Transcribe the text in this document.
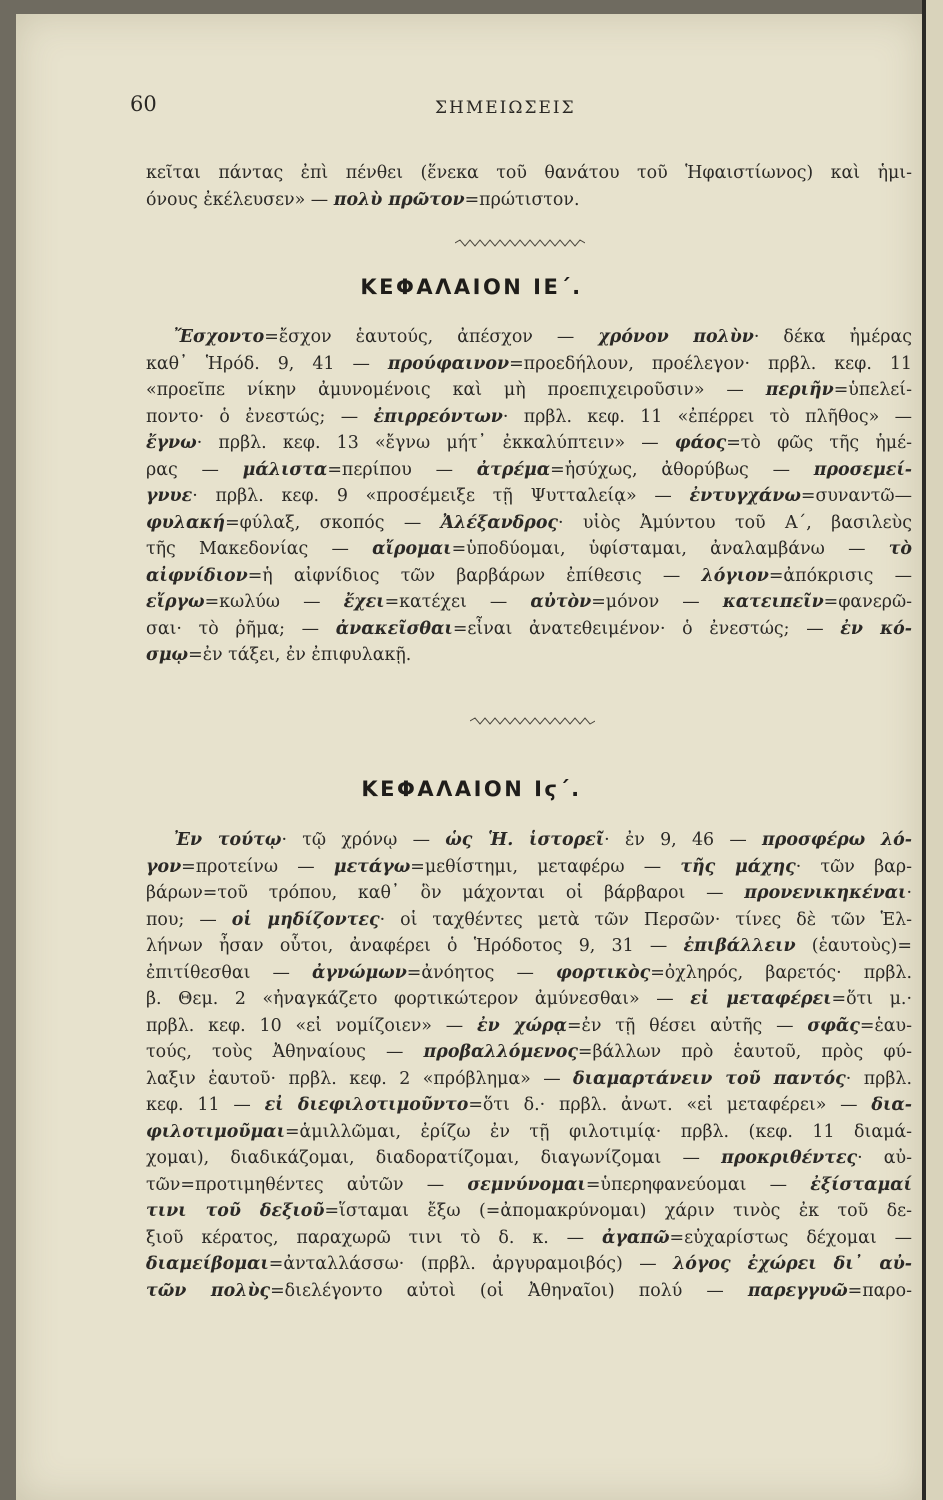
60	ΣΗΜΕΙΩΣΕΙΣ
κεῖται πάντας ἐπὶ πένθει (ἕνεκα τοῦ θανάτου τοῦ Ἡφαιστίωνος) καὶ ἡμι-
όνους ἐκέλευσεν» — πολὺ πρῶτον=πρώτιστον.
ΚΕΦΑΛΑΙΟΝ ΙΕ΄.
Ἔσχοντο=ἔσχον ἑαυτούς, ἀπέσχον — χρόνον πολὺν· δέκα ἡμέρας
καθ᾿ Ἡρόδ. 9, 41 — προύφαινον=προεδήλουν, προέλεγον· πρβλ. κεφ. 11
«προεῖπε νίκην ἀμυνομένοις καὶ μὴ προεπιχειροῦσιν» — περιῆν=ὑπελεί-
ποντο· ὁ ἐνεστώς; — ἐπιρρεόντων· πρβλ. κεφ. 11 «ἐπέρρει τὸ πλῆθος» —
ἔγνω· πρβλ. κεφ. 13 «ἔγνω μήτ᾿ ἐκκαλύπτειν» — φάος=τὸ φῶς τῆς ἡμέ-
ρας — μάλιστα=περίπου — ἀτρέμα=ἡσύχως, ἀθορύβως — προσεμεί-
γνυε· πρβλ. κεφ. 9 «προσέμειξε τῇ Ψυτταλείᾳ» — ἐντυγχάνω=συναντῶ—
φυλακή=φύλαξ, σκοπός — Ἀλέξανδρος· υἱὸς Ἀμύντου τοῦ Α΄, βασιλεὺς
τῆς Μακεδονίας — αἴρομαι=ὑποδύομαι, ὑφίσταμαι, ἀναλαμβάνω — τὸ
αἰφνίδιον=ἡ αἰφνίδιος τῶν βαρβάρων ἐπίθεσις — λόγιον=ἀπόκρισις —
εἴργω=κωλύω — ἔχει=κατέχει — αὐτὸν=μόνον — κατειπεῖν=φανερῶ-
σαι· τὸ ῥῆμα; — ἀνακεῖσθαι=εἶναι ἀνατεθειμένον· ὁ ἐνεστώς; — ἐν κό-
σμῳ=ἐν τάξει, ἐν ἐπιφυλακῇ.
ΚΕΦΑΛΑΙΟΝ Ιϛ΄.
Ἐν τούτῳ· τῷ χρόνῳ — ὡς Ἡ. ἱστορεῖ· ἐν 9, 46 — προσφέρω λό-
γον=προτείνω — μετάγω=μεθίστημι, μεταφέρω — τῆς μάχης· τῶν βαρ-
βάρων=τοῦ τρόπου, καθ᾿ ὃν μάχονται οἱ βάρβαροι — προνενικηκέναι·
που; — οἱ μηδίζοντες· οἱ ταχθέντες μετὰ τῶν Περσῶν· τίνες δὲ τῶν Ἑλ-
λήνων ἦσαν οὗτοι, ἀναφέρει ὁ Ἡρόδοτος 9, 31 — ἐπιβάλλειν (ἑαυτοὺς)=
ἐπιτίθεσθαι — ἀγνώμων=ἀνόητος — φορτικὸς=ὀχληρός, βαρετός· πρβλ.
β. Θεμ. 2 «ἠναγκάζετο φορτικώτερον ἀμύνεσθαι» — εἰ μεταφέρει=ὅτι μ.·
πρβλ. κεφ. 10 «εἰ νομίζοιεν» — ἐν χώρᾳ=ἐν τῇ θέσει αὐτῆς — σφᾶς=ἑαυ-
τούς, τοὺς Ἀθηναίους — προβαλλόμενος=βάλλων πρὸ ἑαυτοῦ, πρὸς φύ-
λαξιν ἑαυτοῦ· πρβλ. κεφ. 2 «πρόβλημα» — διαμαρτάνειν τοῦ παντός· πρβλ.
κεφ. 11 — εἰ διεφιλοτιμοῦντο=ὅτι δ.· πρβλ. ἀνωτ. «εἰ μεταφέρει» — δια-
φιλοτιμοῦμαι=ἁμιλλῶμαι, ἐρίζω ἐν τῇ φιλοτιμίᾳ· πρβλ. (κεφ. 11 διαμά-
χομαι), διαδικάζομαι, διαδορατίζομαι, διαγωνίζομαι — προκριθέντες· αὐ-
τῶν=προτιμηθέντες αὐτῶν — σεμνύνομαι=ὑπερηφανεύομαι — ἐξίσταμαί
τινι τοῦ δεξιοῦ=ἵσταμαι ἔξω (=ἀπομακρύνομαι) χάριν τινὸς ἐκ τοῦ δε-
ξιοῦ κέρατος, παραχωρῶ τινι τὸ δ. κ. — ἀγαπῶ=εὐχαρίστως δέχομαι —
διαμείβομαι=ἀνταλλάσσω· (πρβλ. ἀργυραμοιβός) — λόγος ἐχώρει δι᾿ αὐ-
τῶν πολὺς=διελέγοντο αὐτοὶ (οἱ Ἀθηναῖοι) πολύ — παρεγγυῶ=παρο-
